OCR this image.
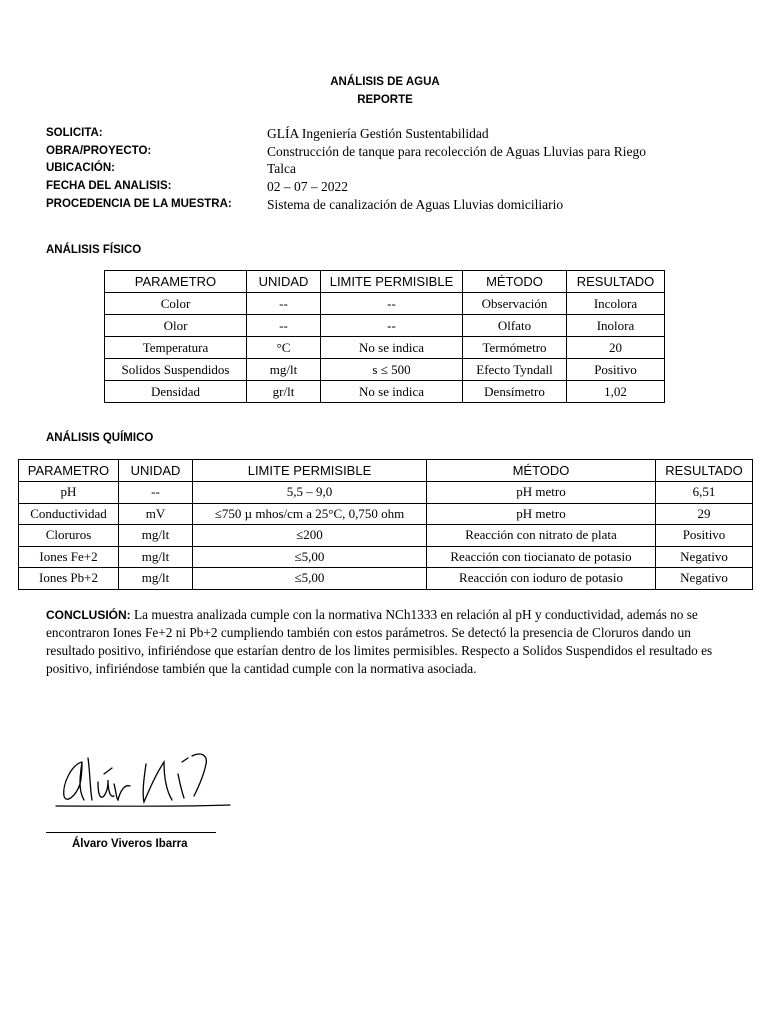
ANÁLISIS DE AGUA
REPORTE
SOLICITA:	GLÍA Ingeniería Gestión Sustentabilidad
OBRA/PROYECTO:	Construcción de tanque para recolección de Aguas Lluvias para Riego
UBICACIÓN:	Talca
FECHA DEL ANALISIS:	02 – 07 – 2022
PROCEDENCIA DE LA MUESTRA:	Sistema de canalización de Aguas Lluvias domiciliario
ANÁLISIS FÍSICO
PARAMETRO	UNIDAD	LIMITE PERMISIBLE	MÉTODO	RESULTADO
Color	--	--	Observación	Incolora
Olor	--	--	Olfato	Inolora
Temperatura	°C	No se indica	Termómetro	20
Solidos Suspendidos	mg/lt	s ≤ 500	Efecto Tyndall	Positivo
Densidad	gr/lt	No se indica	Densímetro	1,02
ANÁLISIS QUÍMICO
PARAMETRO	UNIDAD	LIMITE PERMISIBLE	MÉTODO	RESULTADO
pH	--	5,5 – 9,0	pH metro	6,51
Conductividad	mV	≤750 µ mhos/cm a 25°C, 0,750 ohm	pH metro	29
Cloruros	mg/lt	≤200	Reacción con nitrato de plata	Positivo
Iones Fe+2	mg/lt	≤5,00	Reacción con tiocianato de potasio	Negativo
Iones Pb+2	mg/lt	≤5,00	Reacción con ioduro de potasio	Negativo
CONCLUSIÓN: La muestra analizada cumple con la normativa NCh1333 en relación al pH y conductividad, además no se encontraron Iones Fe+2 ni Pb+2 cumpliendo también con estos parámetros. Se detectó la presencia de Cloruros dando un resultado positivo, infiriéndose que estarían dentro de los limites permisibles. Respecto a Solidos Suspendidos el resultado es positivo, infiriéndose también que la cantidad cumple con la normativa asociada.
Álvaro Viveros Ibarra
